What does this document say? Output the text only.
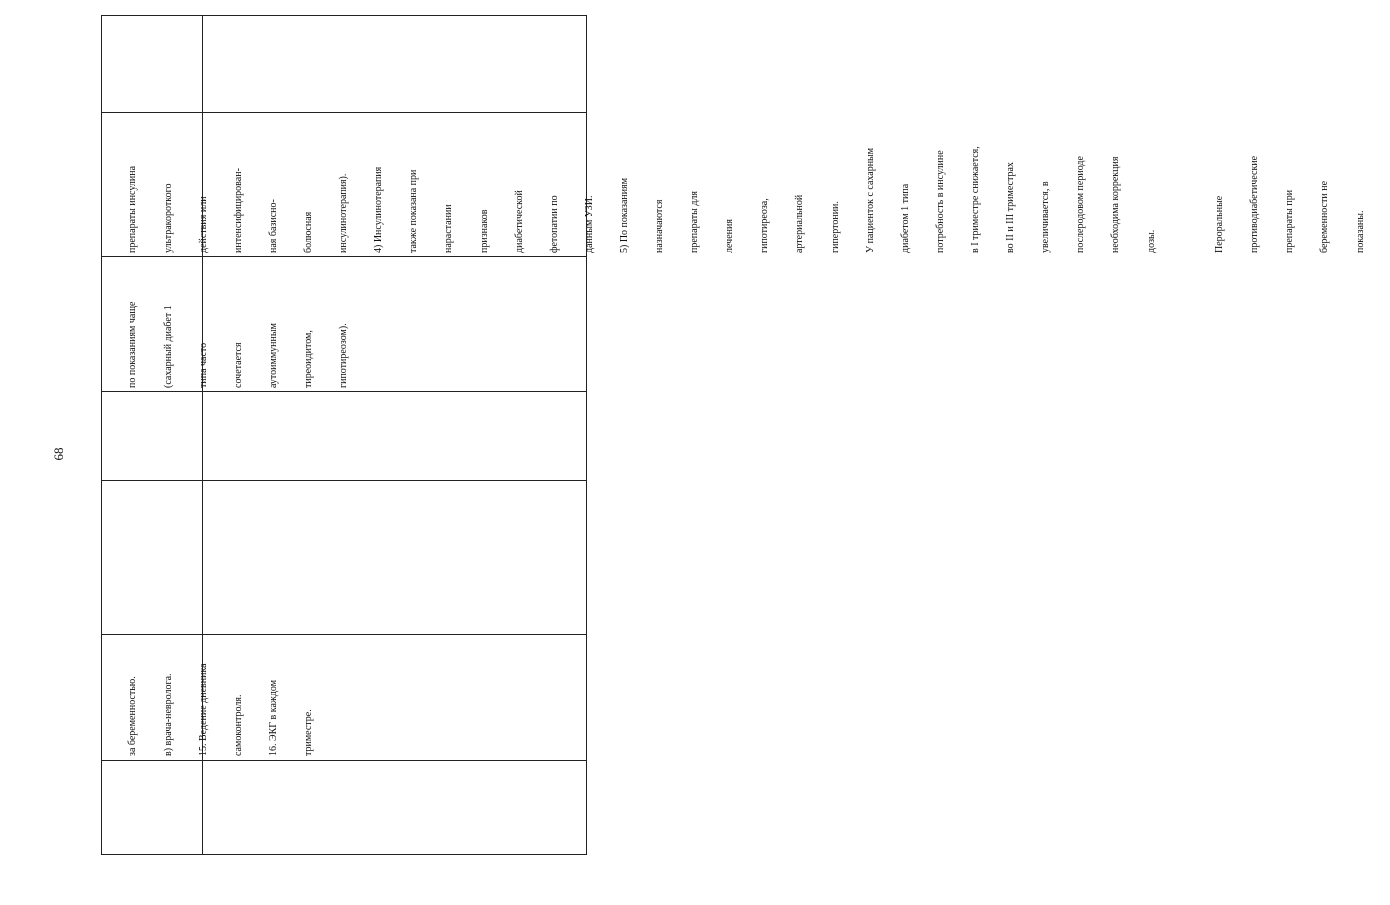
68

за беременностью.

в) врача-невролога.

15. Ведение дневника

самоконтроля.

16. ЭКГ в каждом

триместре.

по показаниям чаще

(сахарный диабет 1

типа часто

сочетается

аутоиммунным

тиреоидитом,

гипотиреозом).

препараты инсулина

ультракороткого

действия или

интенсифицирован-

ная базисно-

болюсная

инсулинотерапия).

4) Инсулинотерапия

также показана при

нарастании

признаков

диабетической

фетопатии по

данным УЗИ.

5) По показаниям

назначаются

препараты для

лечения

гипотиреоза,

артериальной

гипертонии.

У пациенток с сахарным

диабетом 1 типа

потребность в инсулине

в I триместре снижается,

во II и III триместрах

увеличивается, в

послеродовом периоде

необходима коррекция

дозы.

	Пероральные

противодиабетические

препараты при

беременности не

показаны.
